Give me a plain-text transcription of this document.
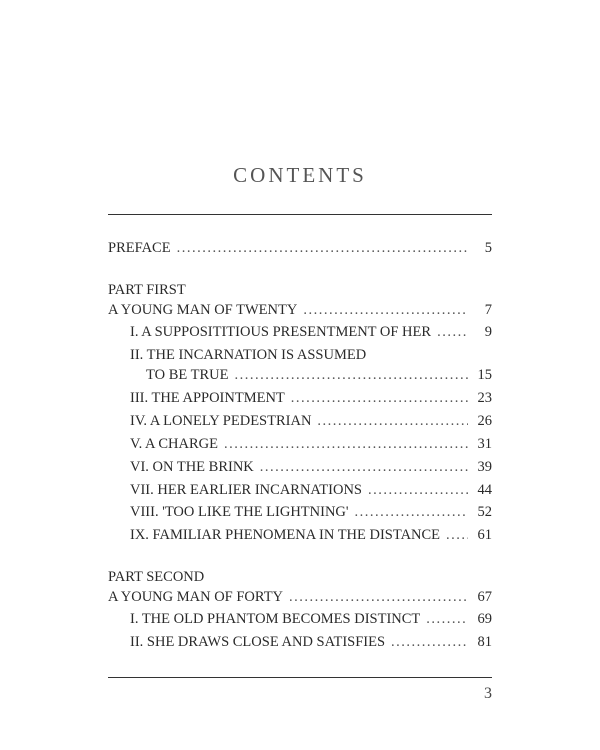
CONTENTS
PREFACE .....	5
PART FIRST
A YOUNG MAN OF TWENTY .....	7
I. A SUPPOSITITIOUS PRESENTMENT OF HER .....	9
II. THE INCARNATION IS ASSUMED
TO BE TRUE .....	15
III. THE APPOINTMENT .....	23
IV. A LONELY PEDESTRIAN .....	26
V. A CHARGE .....	31
VI. ON THE BRINK .....	39
VII. HER EARLIER INCARNATIONS .....	44
VIII. 'TOO LIKE THE LIGHTNING' .....	52
IX. FAMILIAR PHENOMENA IN THE DISTANCE .....	61
PART SECOND
A YOUNG MAN OF FORTY .....	67
I. THE OLD PHANTOM BECOMES DISTINCT .....	69
II. SHE DRAWS CLOSE AND SATISFIES .....	81
3
